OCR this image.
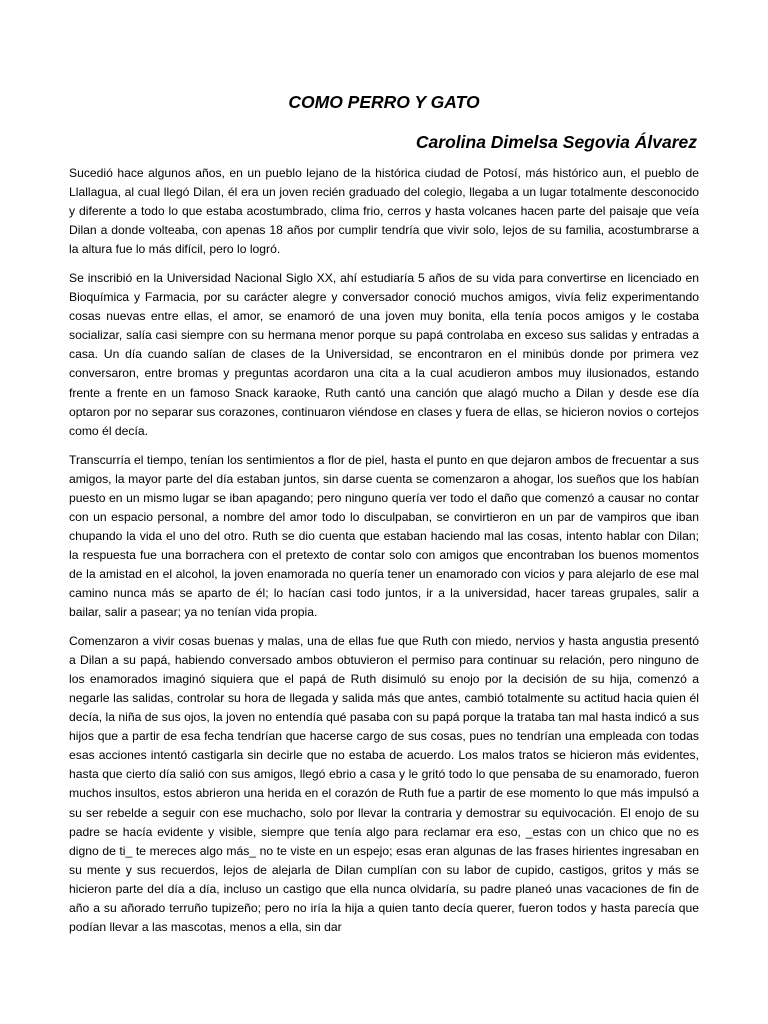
COMO PERRO Y GATO
Carolina Dimelsa Segovia Álvarez

Sucedió hace algunos años, en un pueblo lejano de la histórica ciudad de Potosí, más histórico aun, el pueblo de Llallagua, al cual llegó Dilan, él era un joven recién graduado del colegio, llegaba a un lugar totalmente desconocido y diferente a todo lo que estaba acostumbrado, clima frio, cerros y hasta volcanes hacen parte del paisaje que veía Dilan a donde volteaba, con apenas 18 años por cumplir tendría que vivir solo, lejos de su familia, acostumbrarse a la altura fue lo más difícil, pero lo logró.

Se inscribió en la Universidad Nacional Siglo XX, ahí estudiaría 5 años de su vida para convertirse en licenciado en Bioquímica y Farmacia, por su carácter alegre y conversador conoció muchos amigos, vivía feliz experimentando cosas nuevas entre ellas, el amor, se enamoró de una joven muy bonita, ella tenía pocos amigos y le costaba socializar, salía casi siempre con su hermana menor porque su papá controlaba en exceso sus salidas y entradas a casa. Un día cuando salían de clases de la Universidad, se encontraron en el minibús donde por primera vez conversaron, entre bromas y preguntas acordaron una cita a la cual acudieron ambos muy ilusionados, estando frente a frente en un famoso Snack karaoke, Ruth cantó una canción que alagó mucho a Dilan y desde ese día optaron por no separar sus corazones, continuaron viéndose en clases y fuera de ellas, se hicieron novios o cortejos como él decía.

Transcurría el tiempo, tenían los sentimientos a flor de piel, hasta el punto en que dejaron ambos de frecuentar a sus amigos, la mayor parte del día estaban juntos, sin darse cuenta se comenzaron a ahogar, los sueños que los habían puesto en un mismo lugar se iban apagando; pero ninguno quería ver todo el daño que comenzó a causar no contar con un espacio personal, a nombre del amor todo lo disculpaban, se convirtieron en un par de vampiros que iban chupando la vida el uno del otro. Ruth se dio cuenta que estaban haciendo mal las cosas, intento hablar con Dilan; la respuesta fue una borrachera con el pretexto de contar solo con amigos que encontraban los buenos momentos de la amistad en el alcohol, la joven enamorada no quería tener un enamorado con vicios y para alejarlo de ese mal camino nunca más se aparto de él; lo hacían casi todo juntos, ir a la universidad, hacer tareas grupales, salir a bailar, salir a pasear; ya no tenían vida propia.

Comenzaron a vivir cosas buenas y malas, una de ellas fue que Ruth con miedo, nervios y hasta angustia presentó a Dilan a su papá, habiendo conversado ambos obtuvieron el permiso para continuar su relación, pero ninguno de los enamorados imaginó siquiera que el papá de Ruth disimuló su enojo por la decisión de su hija, comenzó a negarle las salidas, controlar su hora de llegada y salida más que antes, cambió totalmente su actitud hacia quien él decía, la niña de sus ojos, la joven no entendía qué pasaba con su papá porque la trataba tan mal hasta indicó a sus hijos que a partir de esa fecha tendrían que hacerse cargo de sus cosas, pues no tendrían una empleada con todas esas acciones intentó castigarla sin decirle que no estaba de acuerdo. Los malos tratos se hicieron más evidentes, hasta que cierto día salió con sus amigos, llegó ebrio a casa y le gritó todo lo que pensaba de su enamorado, fueron muchos insultos, estos abrieron una herida en el corazón de Ruth fue a partir de ese momento lo que más impulsó a su ser rebelde a seguir con ese muchacho, solo por llevar la contraria y demostrar su equivocación. El enojo de su padre se hacía evidente y visible, siempre que tenía algo para reclamar era eso, _estas con un chico que no es digno de ti_ te mereces algo más_ no te viste en un espejo; esas eran algunas de las frases hirientes ingresaban en su mente y sus recuerdos, lejos de alejarla de Dilan cumplían con su labor de cupido, castigos, gritos y más se hicieron parte del día a día, incluso un castigo que ella nunca olvidaría, su padre planeó unas vacaciones de fin de año a su añorado terruño tupizeño; pero no iría la hija a quien tanto decía querer, fueron todos y hasta parecía que podían llevar a las mascotas, menos a ella, sin dar
